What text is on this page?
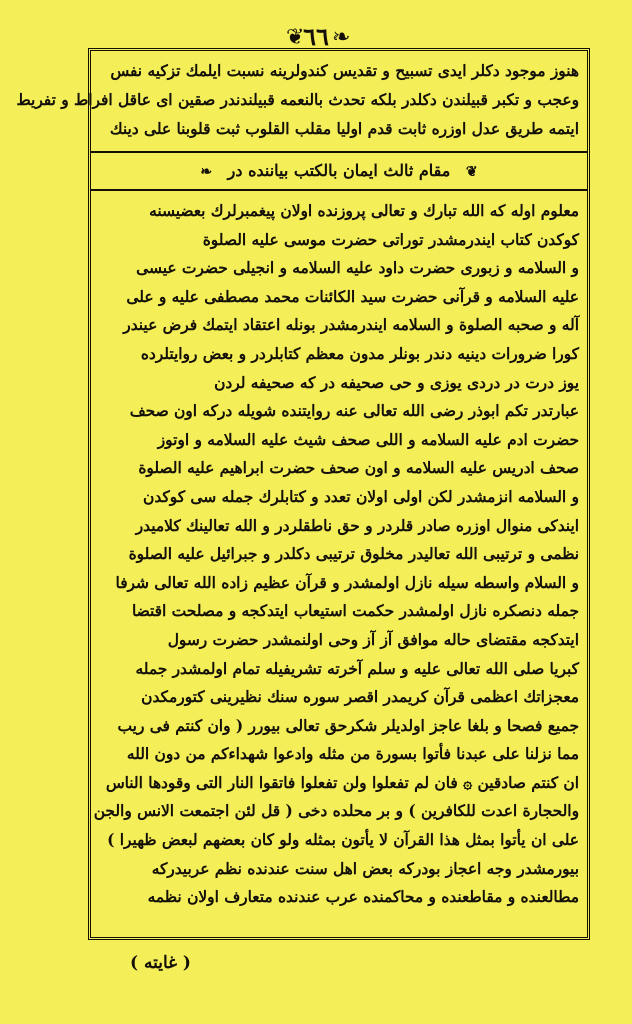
٦٦
❦ ❧
هنوز موجود دكلر ايدى تسبيح و تقديس كندولرينه نسبت ايلمك تزكيه نفس
وعجب و تكبر قبيلندن دكلدر بلكه تحدث بالنعمه قبيلندندر صقين اى عاقل افراط و تفريط
ايتمه طريق عدل اوزره ثابت قدم اوليا مقلب القلوب ثبت قلوبنا على دينك
❦ مقام ثالث ايمان بالكتب بياننده در ❧
معلوم اوله كه الله تبارك و تعالى پروزنده اولان پيغمبرلرك بعضيسنه
كوكدن كتاب ايندرمشدر توراتى حضرت موسى عليه الصلوة
و السلامه و زبورى حضرت داود عليه السلامه و انجيلى حضرت عيسى
عليه السلامه و قرآنى حضرت سيد الكائنات محمد مصطفى عليه و على
آله و صحبه الصلوة و السلامه ايندرمشدر بونله اعتقاد ايتمك فرض عيندر
كورا ضرورات دينيه دندر بونلر مدون معظم كتابلردر و بعض روايتلرده
يوز درت در دردى يوزى و حى صحيفه در كه صحيفه لردن
عبارتدر تكم ابوذر رضى الله تعالى عنه روايتنده شويله دركه اون صحف
حضرت ادم عليه السلامه و اللى صحف شيث عليه السلامه و اوتوز
صحف ادريس عليه السلامه و اون صحف حضرت ابراهيم عليه الصلوة
و السلامه انزمشدر لكن اولى اولان تعدد و كتابلرك جمله سى كوكدن
ايندكى منوال اوزره صادر قلردر و حق ناطقلردر و الله تعالينك كلاميدر
نظمى و ترتيبى الله تعاليدر مخلوق ترتيبى دكلدر و جبرائيل عليه الصلوة
و السلام واسطه سيله نازل اولمشدر و قرآن عظيم زاده الله تعالى شرفا
جمله دنصكره نازل اولمشدر حكمت استيعاب ايتدكجه و مصلحت اقتضا
ايتدكجه مقتضاى حاله موافق آز آز وحى اولنمشدر حضرت رسول
كبريا صلى الله تعالى عليه و سلم آخرته تشريفيله تمام اولمشدر جمله
معجزاتك اعظمى قرآن كريمدر اقصر سوره سنك نظيرينى كتورمكدن
جميع فصحا و بلغا عاجز اولديلر شكرحق تعالى بيورر ( وان كنتم فى ريب
مما نزلنا على عبدنا فأتوا بسورة من مثله وادعوا شهداءكم من دون الله
ان كنتم صادقين ۞ فان لم تفعلوا ولن تفعلوا فاتقوا النار التى وقودها الناس
والحجارة اعدت للكافرين ) و بر محلده دخى ( قل لئن اجتمعت الانس والجن
على ان يأتوا بمثل هذا القرآن لا يأتون بمثله ولو كان بعضهم لبعض ظهيرا )
بيورمشدر وجه اعجاز بودركه بعض اهل سنت عندنده نظم عربيدركه
مطالعنده و مقاطعنده و محاكمنده عرب عندنده متعارف اولان نظمه
( غايته )
